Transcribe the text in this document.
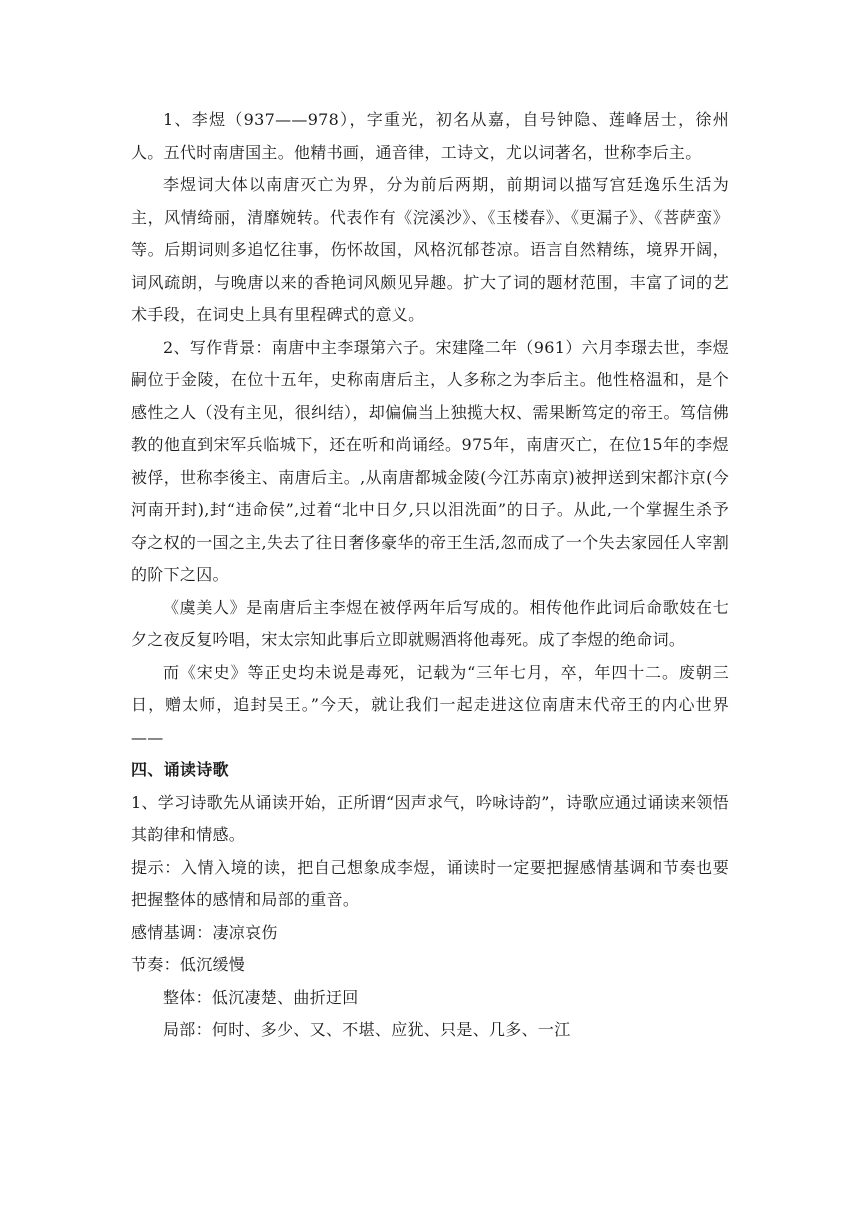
1、李煜（937——978），字重光，初名从嘉，自号钟隐、莲峰居士，徐州人。五代时南唐国主。他精书画，通音律，工诗文，尤以词著名，世称李后主。

李煜词大体以南唐灭亡为界，分为前后两期，前期词以描写宫廷逸乐生活为主，风情绮丽，清靡婉转。代表作有《浣溪沙》、《玉楼春》、《更漏子》、《菩萨蛮》等。后期词则多追忆往事，伤怀故国，风格沉郁苍凉。语言自然精练，境界开阔，词风疏朗，与晚唐以来的香艳词风颇见异趣。扩大了词的题材范围，丰富了词的艺术手段，在词史上具有里程碑式的意义。

2、写作背景：南唐中主李璟第六子。宋建隆二年（961）六月李璟去世，李煜嗣位于金陵，在位十五年，史称南唐后主，人多称之为李后主。他性格温和，是个感性之人（没有主见，很纠结），却偏偏当上独揽大权、需果断笃定的帝王。笃信佛教的他直到宋军兵临城下，还在听和尚诵经。975年，南唐灭亡，在位15年的李煜被俘，世称李後主、南唐后主。,从南唐都城金陵(今江苏南京)被押送到宋都汴京(今河南开封),封“违命侯”,过着“北中日夕,只以泪洗面”的日子。从此,一个掌握生杀予夺之权的一国之主,失去了往日奢侈豪华的帝王生活,忽而成了一个失去家园任人宰割的阶下之囚。

《虞美人》是南唐后主李煜在被俘两年后写成的。相传他作此词后命歌妓在七夕之夜反复吟唱，宋太宗知此事后立即就赐酒将他毒死。成了李煜的绝命词。

而《宋史》等正史均未说是毒死，记载为“三年七月，卒，年四十二。废朝三日，赠太师，追封吴王。”今天，就让我们一起走进这位南唐末代帝王的内心世界——

四、诵读诗歌

1、学习诗歌先从诵读开始，正所谓“因声求气，吟咏诗韵”，诗歌应通过诵读来领悟其韵律和情感。

提示：入情入境的读，把自己想象成李煜，诵读时一定要把握感情基调和节奏也要把握整体的感情和局部的重音。

感情基调：凄凉哀伤

节奏：低沉缓慢

整体：低沉凄楚、曲折迂回

局部：何时、多少、又、不堪、应犹、只是、几多、一江
